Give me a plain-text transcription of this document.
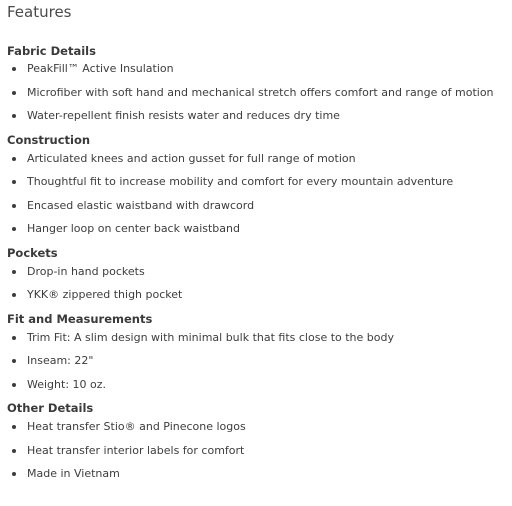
Features
Fabric Details
PeakFill™ Active Insulation
Microfiber with soft hand and mechanical stretch offers comfort and range of motion
Water-repellent finish resists water and reduces dry time
Construction
Articulated knees and action gusset for full range of motion
Thoughtful fit to increase mobility and comfort for every mountain adventure
Encased elastic waistband with drawcord
Hanger loop on center back waistband
Pockets
Drop-in hand pockets
YKK® zippered thigh pocket
Fit and Measurements
Trim Fit: A slim design with minimal bulk that fits close to the body
Inseam: 22"
Weight: 10 oz.
Other Details
Heat transfer Stio® and Pinecone logos
Heat transfer interior labels for comfort
Made in Vietnam
